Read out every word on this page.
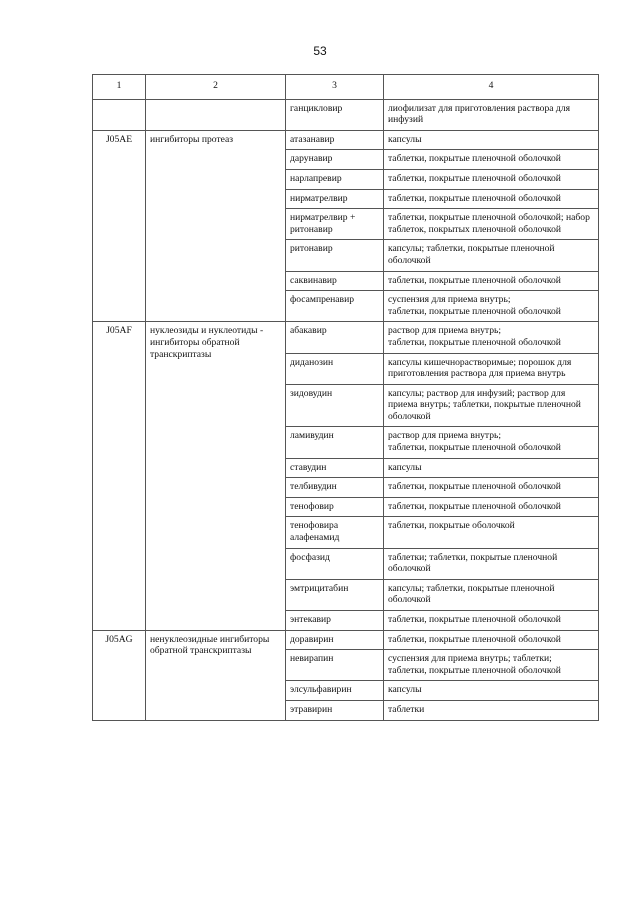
53
1	2	3	4
		ганцикловир	лиофилизат для приготовления раствора для инфузий
J05AE	ингибиторы протеаз	атазанавир	капсулы
		дарунавир	таблетки, покрытые пленочной оболочкой
		нарлапревир	таблетки, покрытые пленочной оболочкой
		нирматрелвир	таблетки, покрытые пленочной оболочкой
		нирматрелвир + ритонавир	таблетки, покрытые пленочной оболочкой; набор таблеток, покрытых пленочной оболочкой
		ритонавир	капсулы; таблетки, покрытые пленочной оболочкой
		саквинавир	таблетки, покрытые пленочной оболочкой
		фосампренавир	суспензия для приема внутрь;
таблетки, покрытые пленочной оболочкой
J05AF	нуклеозиды и нуклеотиды - ингибиторы обратной транскриптазы	абакавир	раствор для приема внутрь;
таблетки, покрытые пленочной оболочкой
		диданозин	капсулы кишечнорастворимые; порошок для приготовления раствора для приема внутрь
		зидовудин	капсулы; раствор для инфузий; раствор для приема внутрь; таблетки, покрытые пленочной оболочкой
		ламивудин	раствор для приема внутрь;
таблетки, покрытые пленочной оболочкой
		ставудин	капсулы
		телбивудин	таблетки, покрытые пленочной оболочкой
		тенофовир	таблетки, покрытые пленочной оболочкой
		тенофовира алафенамид	таблетки, покрытые оболочкой
		фосфазид	таблетки; таблетки, покрытые пленочной оболочкой
		эмтрицитабин	капсулы; таблетки, покрытые пленочной оболочкой
		энтекавир	таблетки, покрытые пленочной оболочкой
J05AG	ненуклеозидные ингибиторы обратной транскриптазы	доравирин	таблетки, покрытые пленочной оболочкой
		невирапин	суспензия для приема внутрь; таблетки;
таблетки, покрытые пленочной оболочкой
		элсульфавирин	капсулы
		этравирин	таблетки
